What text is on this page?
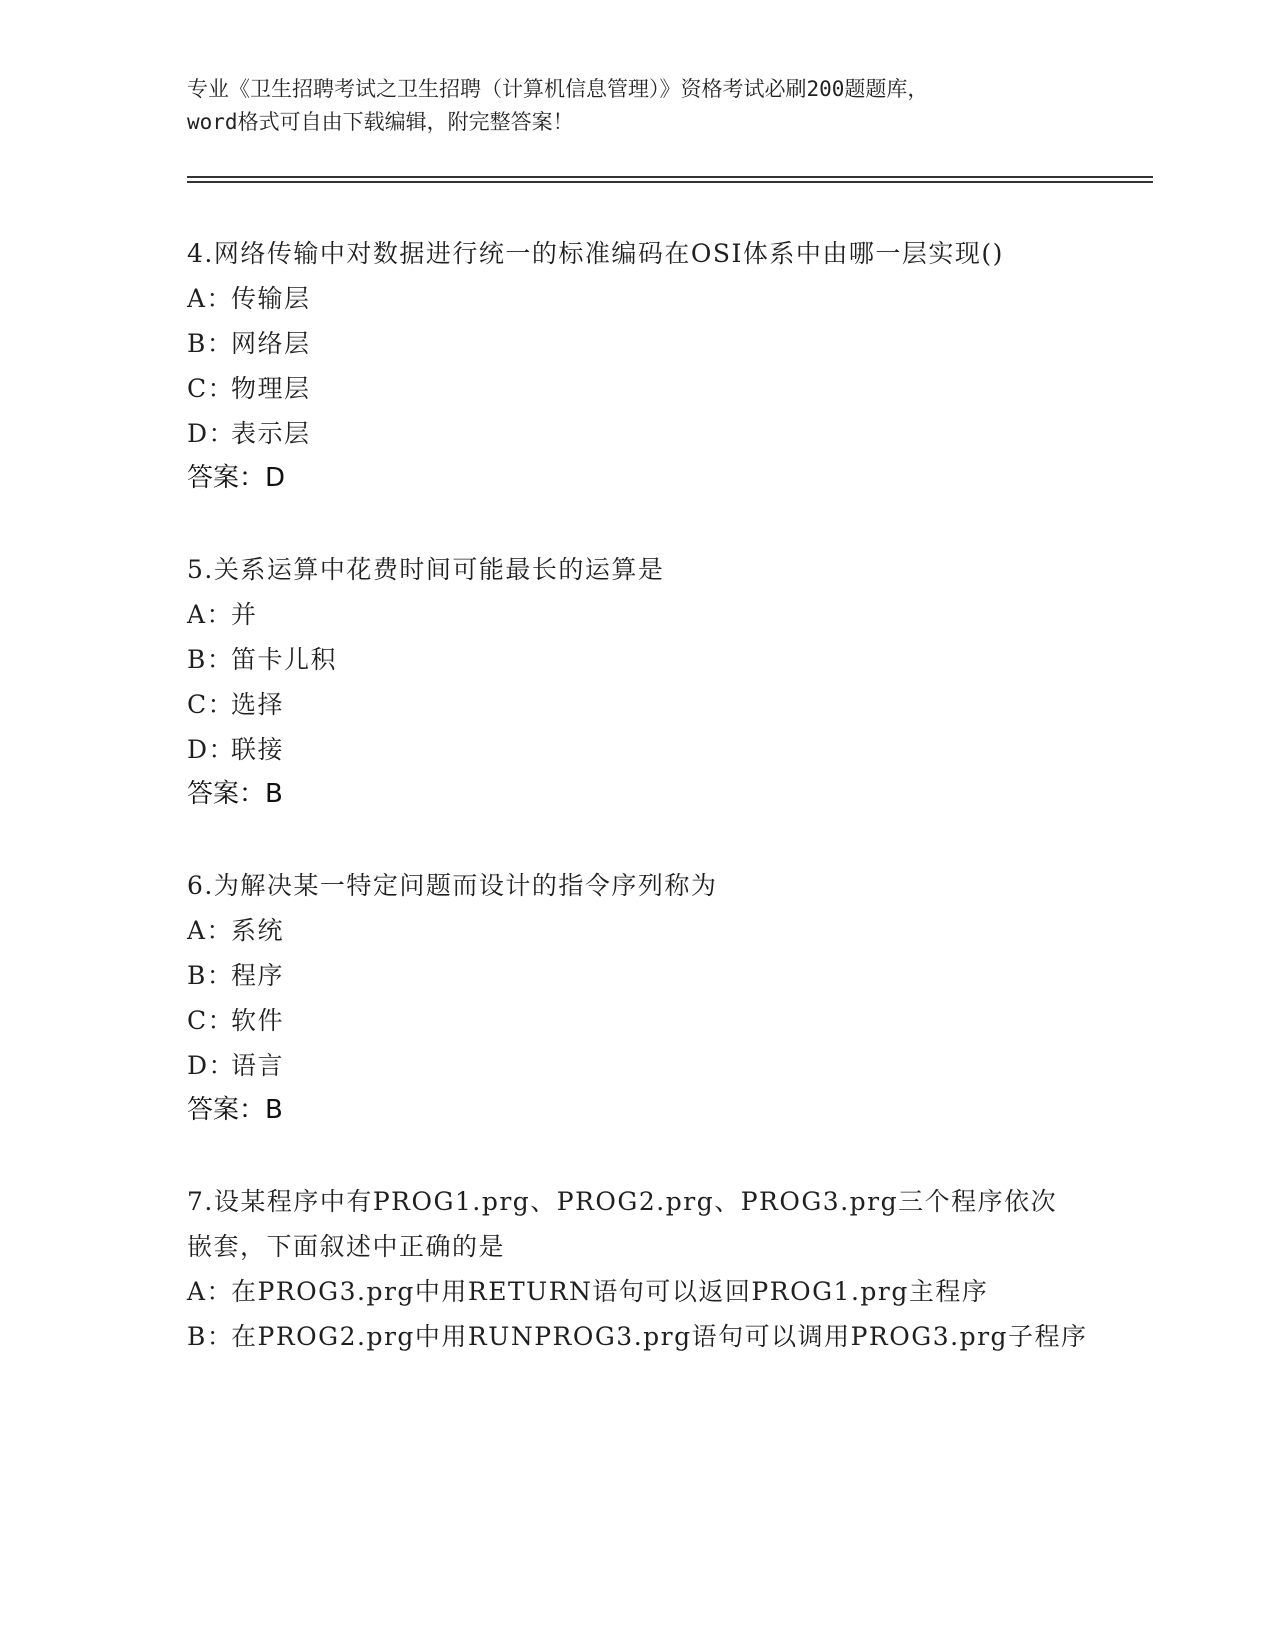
专业《卫生招聘考试之卫生招聘（计算机信息管理）》资格考试必刷200题题库，
word格式可自由下载编辑，附完整答案！

4.网络传输中对数据进行统一的标准编码在OSI体系中由哪一层实现()

A：传输层

B：网络层

C：物理层

D：表示层

答案：D

5.关系运算中花费时间可能最长的运算是

A：并

B：笛卡儿积

C：选择

D：联接

答案：B

6.为解决某一特定问题而设计的指令序列称为

A：系统

B：程序

C：软件

D：语言

答案：B

7.设某程序中有PROG1.prg、PROG2.prg、PROG3.prg三个程序依次嵌套，下面叙述中正确的是

A：在PROG3.prg中用RETURN语句可以返回PROG1.prg主程序

B：在PROG2.prg中用RUNPROG3.prg语句可以调用PROG3.prg子程序
